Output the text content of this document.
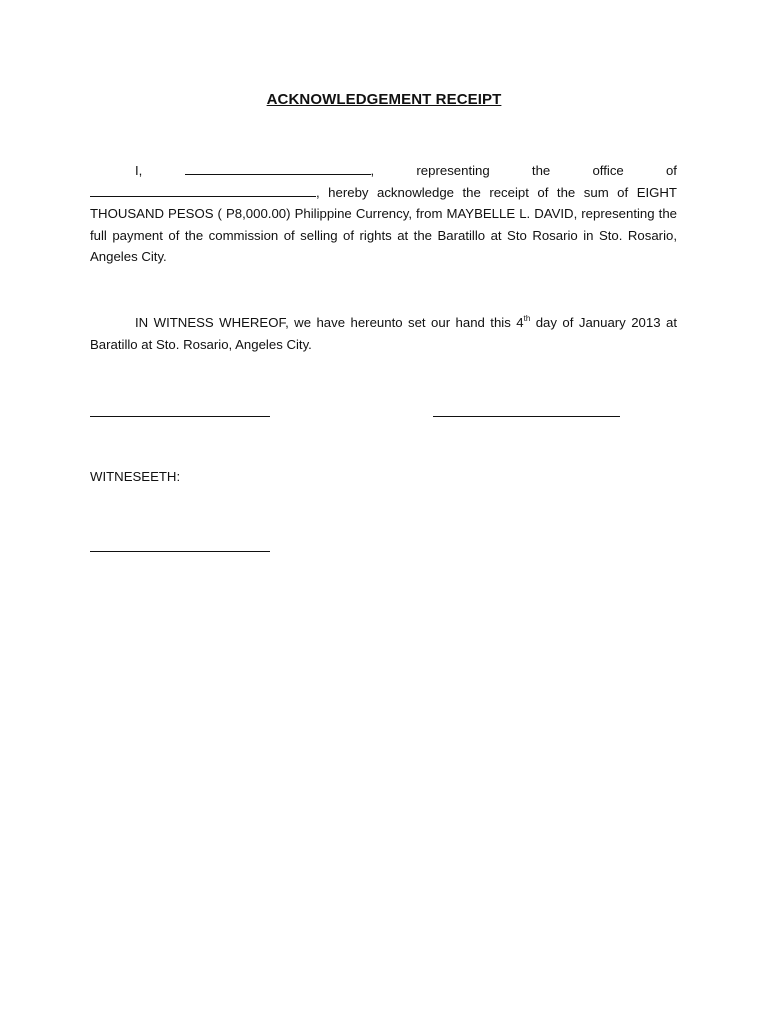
ACKNOWLEDGEMENT RECEIPT
I,	,	representing	the	office	of
, hereby acknowledge the receipt of the sum of EIGHT THOUSAND PESOS ( P8,000.00) Philippine Currency, from MAYBELLE L. DAVID, representing the full payment of the commission of selling of rights at the Baratillo at Sto Rosario in Sto. Rosario, Angeles City.
IN WITNESS WHEREOF, we have hereunto set our hand this 4th day of January 2013 at Baratillo at Sto. Rosario, Angeles City.
WITNESEETH:
